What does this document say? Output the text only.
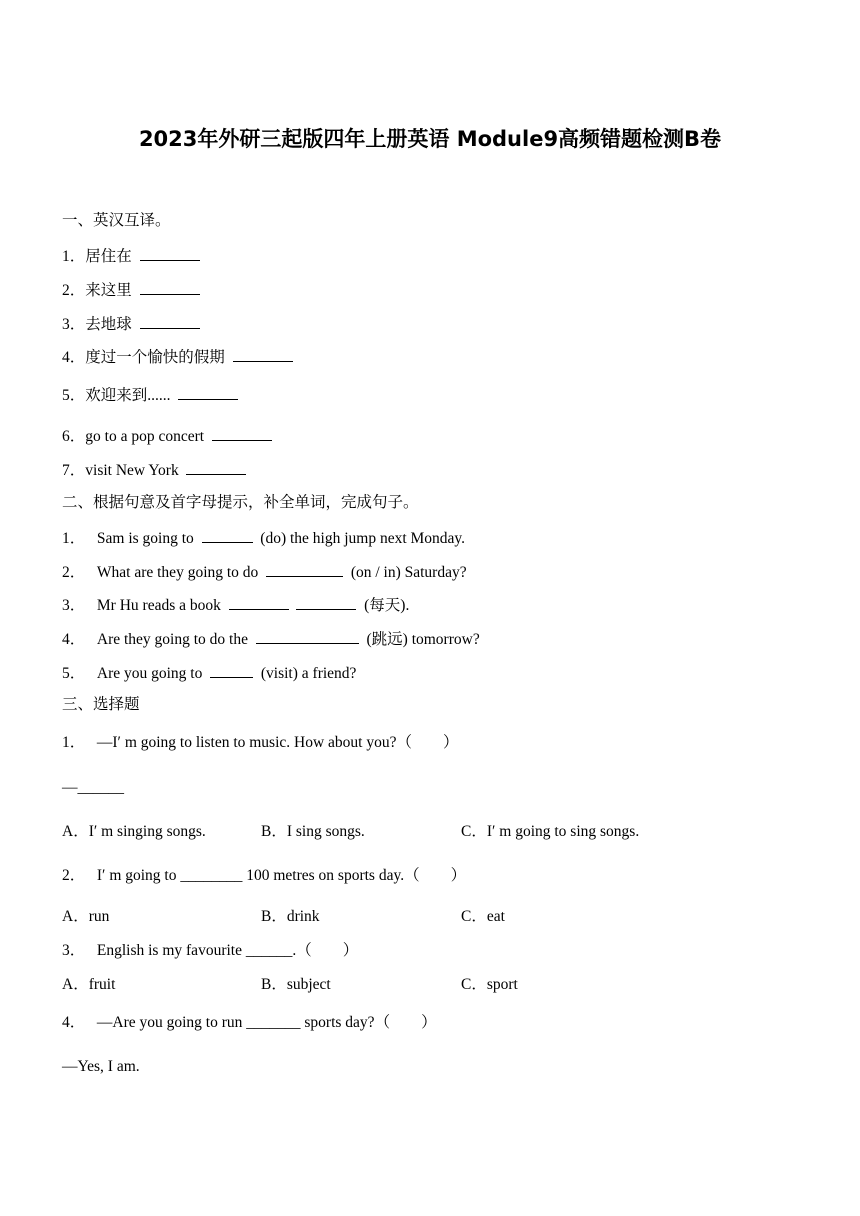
2023年外研三起版四年上册英语 Module9高频错题检测B卷
一、英汉互译。
1．居住在
2．来这里
3．去地球
4．度过一个愉快的假期
5．欢迎来到......
6．go to a pop concert
7．visit New York
二、根据句意及首字母提示，补全单词，完成句子。
1． Sam is going to	(do) the high jump next Monday.
2． What are they going to do	(on / in) Saturday?
3． Mr Hu reads a book	(每天).
4． Are they going to do the	(跳远) tomorrow?
5． Are you going to	(visit) a friend?
三、选择题
1． —I′ m going to listen to music. How about you?（　　）
—______
A．I′ m singing songs.	B．I sing songs.	C．I′ m going to sing songs.
2． I′ m going to ________ 100 metres on sports day.（　　）
A．run	B．drink	C．eat
3． English is my favourite ______.（　　）
A．fruit	B．subject	C．sport
4． —Are you going to run _______ sports day?（　　）
—Yes, I am.
